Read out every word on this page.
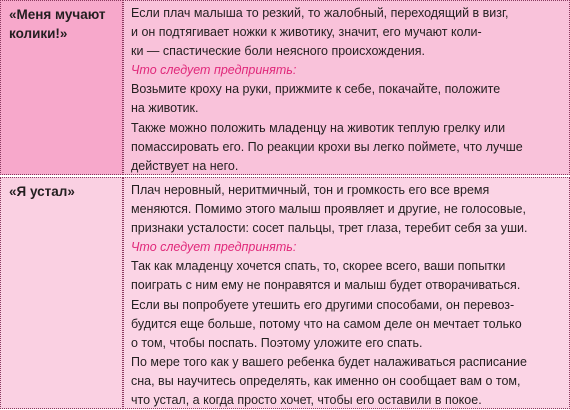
«Меня мучают колики!»
Если плач малыша то резкий, то жалобный, переходящий в визг,
и он подтягивает ножки к животику, значит, его мучают коли-
ки — спастические боли неясного происхождения.
Что следует предпринять:
Возьмите кроху на руки, прижмите к себе, покачайте, положите
на животик.
Также можно положить младенцу на животик теплую грелку или
помассировать его. По реакции крохи вы легко поймете, что лучше
действует на него.
«Я устал»	Плач неровный, неритмичный, тон и громкость его все время
меняются. Помимо этого малыш проявляет и другие, не голосовые,
признаки усталости: сосет пальцы, трет глаза, теребит себя за уши.
Что следует предпринять:
Так как младенцу хочется спать, то, скорее всего, ваши попытки
поиграть с ним ему не понравятся и малыш будет отворачиваться.
Если вы попробуете утешить его другими способами, он перевоз-
будится еще больше, потому что на самом деле он мечтает только
о том, чтобы поспать. Поэтому уложите его спать.
По мере того как у вашего ребенка будет налаживаться расписание
сна, вы научитесь определять, как именно он сообщает вам о том,
что устал, а когда просто хочет, чтобы его оставили в покое.
